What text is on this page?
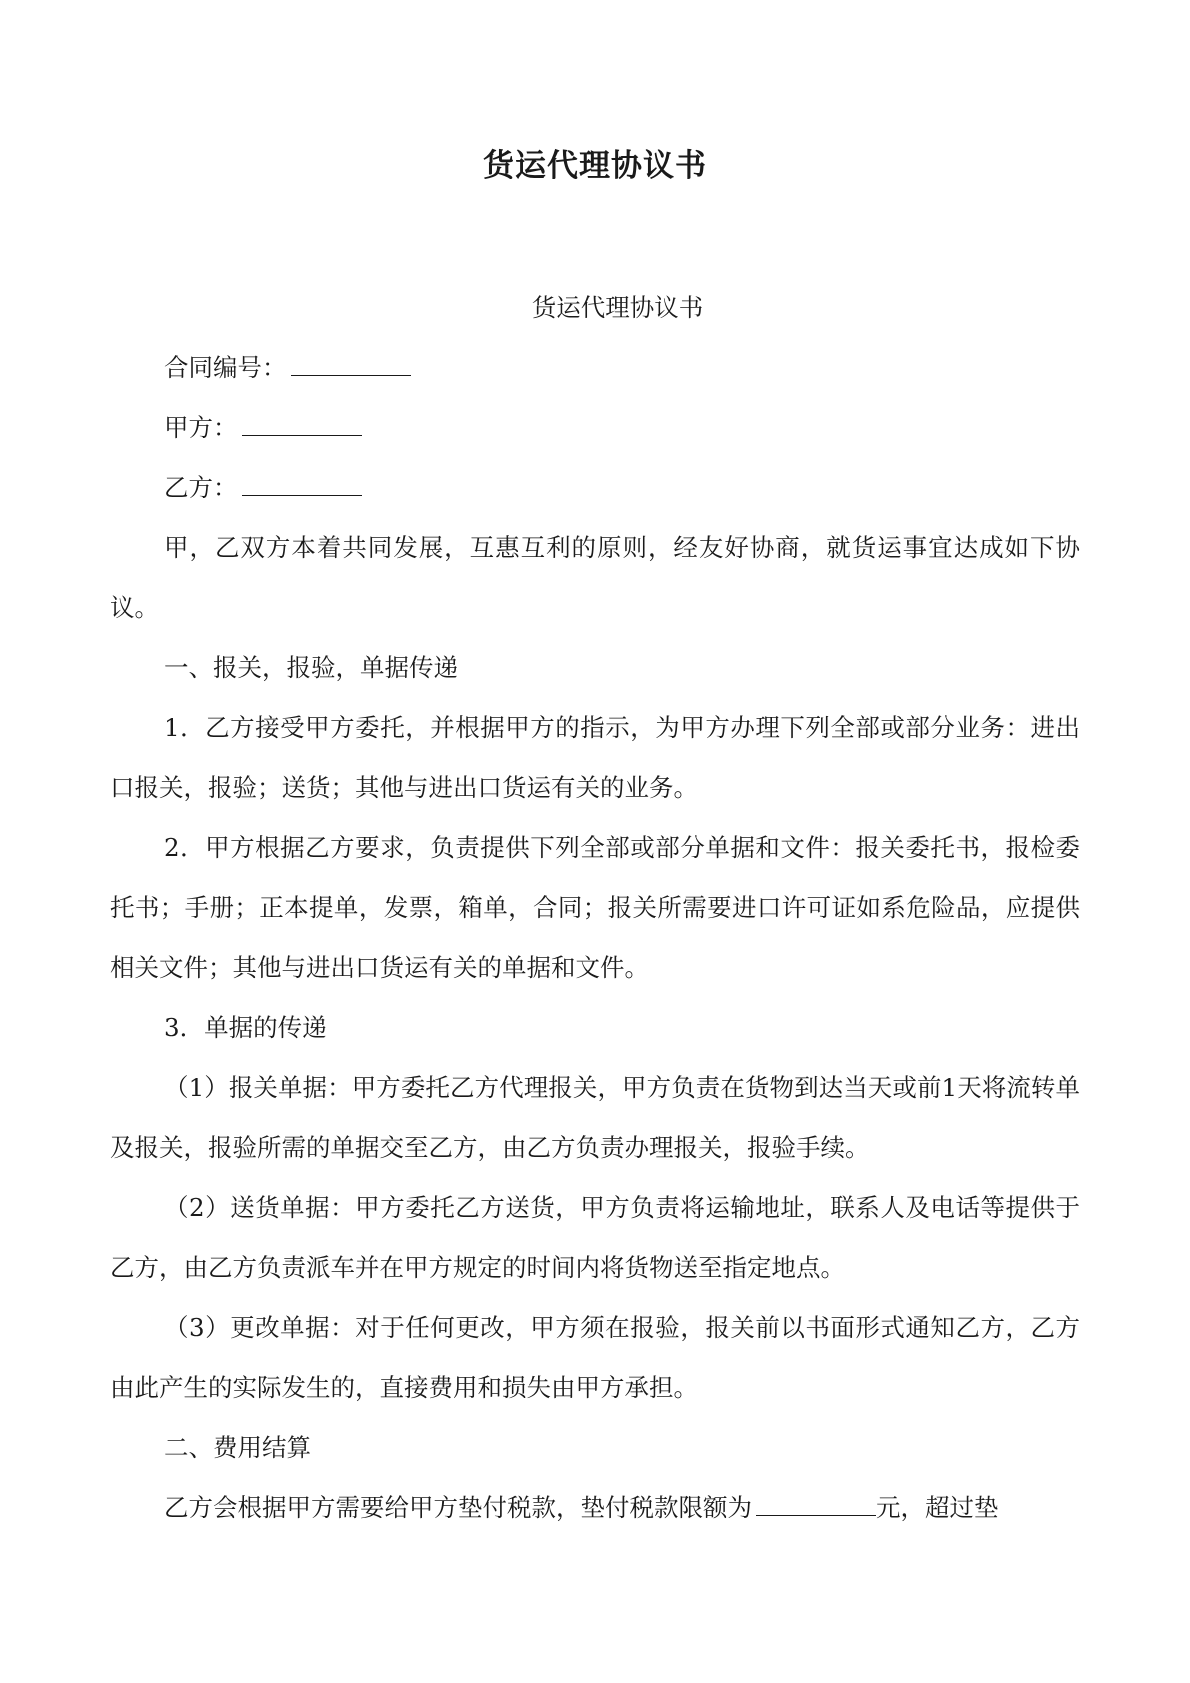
货运代理协议书

货运代理协议书

合同编号：

甲方：

乙方：

甲，乙双方本着共同发展，互惠互利的原则，经友好协商，就货运事宜达成如下协议。

一、报关，报验，单据传递

1．乙方接受甲方委托，并根据甲方的指示，为甲方办理下列全部或部分业务：进出口报关，报验；送货；其他与进出口货运有关的业务。

2．甲方根据乙方要求，负责提供下列全部或部分单据和文件：报关委托书，报检委托书；手册；正本提单，发票，箱单，合同；报关所需要进口许可证如系危险品，应提供相关文件；其他与进出口货运有关的单据和文件。

3．单据的传递

（1）报关单据：甲方委托乙方代理报关，甲方负责在货物到达当天或前1天将流转单及报关，报验所需的单据交至乙方，由乙方负责办理报关，报验手续。

（2）送货单据：甲方委托乙方送货，甲方负责将运输地址，联系人及电话等提供于乙方，由乙方负责派车并在甲方规定的时间内将货物送至指定地点。

（3）更改单据：对于任何更改，甲方须在报验，报关前以书面形式通知乙方，乙方由此产生的实际发生的，直接费用和损失由甲方承担。

二、费用结算

乙方会根据甲方需要给甲方垫付税款，垫付税款限额为	元，超过垫
